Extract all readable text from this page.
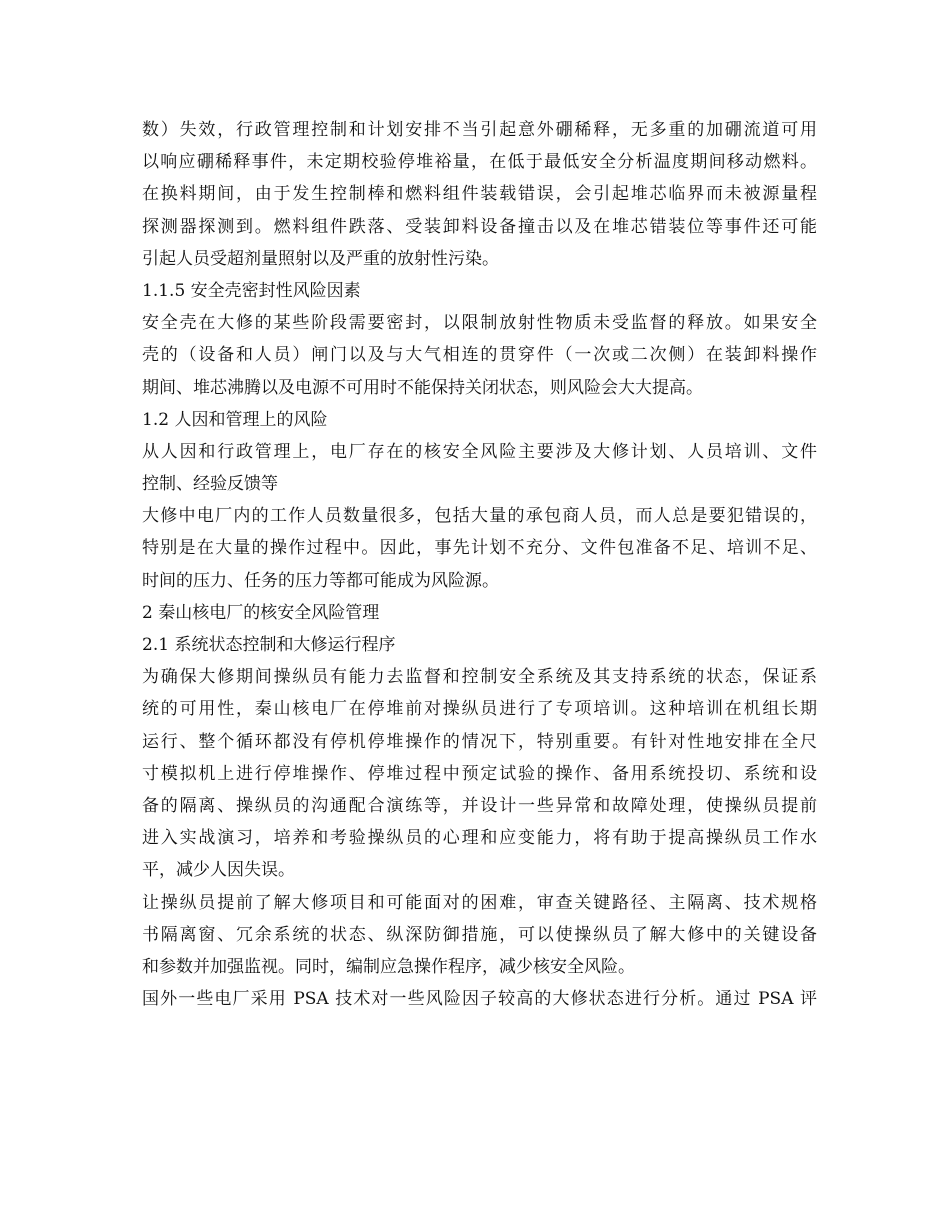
数）失效，行政管理控制和计划安排不当引起意外硼稀释，无多重的加硼流道可用
以响应硼稀释事件，未定期校验停堆裕量，在低于最低安全分析温度期间移动燃料。
在换料期间，由于发生控制棒和燃料组件装载错误，会引起堆芯临界而未被源量程
探测器探测到。燃料组件跌落、受装卸料设备撞击以及在堆芯错装位等事件还可能
引起人员受超剂量照射以及严重的放射性污染。
1.1.5 安全壳密封性风险因素
安全壳在大修的某些阶段需要密封，以限制放射性物质未受监督的释放。如果安全
壳的（设备和人员）闸门以及与大气相连的贯穿件（一次或二次侧）在装卸料操作
期间、堆芯沸腾以及电源不可用时不能保持关闭状态，则风险会大大提高。
1.2 人因和管理上的风险
从人因和行政管理上，电厂存在的核安全风险主要涉及大修计划、人员培训、文件
控制、经验反馈等
大修中电厂内的工作人员数量很多，包括大量的承包商人员，而人总是要犯错误的，
特别是在大量的操作过程中。因此，事先计划不充分、文件包准备不足、培训不足、
时间的压力、任务的压力等都可能成为风险源。
2 秦山核电厂的核安全风险管理
2.1 系统状态控制和大修运行程序
为确保大修期间操纵员有能力去监督和控制安全系统及其支持系统的状态，保证系
统的可用性，秦山核电厂在停堆前对操纵员进行了专项培训。这种培训在机组长期
运行、整个循环都没有停机停堆操作的情况下，特别重要。有针对性地安排在全尺
寸模拟机上进行停堆操作、停堆过程中预定试验的操作、备用系统投切、系统和设
备的隔离、操纵员的沟通配合演练等，并设计一些异常和故障处理，使操纵员提前
进入实战演习，培养和考验操纵员的心理和应变能力，将有助于提高操纵员工作水
平，减少人因失误。
让操纵员提前了解大修项目和可能面对的困难，审查关键路径、主隔离、技术规格
书隔离窗、冗余系统的状态、纵深防御措施，可以使操纵员了解大修中的关键设备
和参数并加强监视。同时，编制应急操作程序，减少核安全风险。
国外一些电厂采用 PSA 技术对一些风险因子较高的大修状态进行分析。通过 PSA 评
